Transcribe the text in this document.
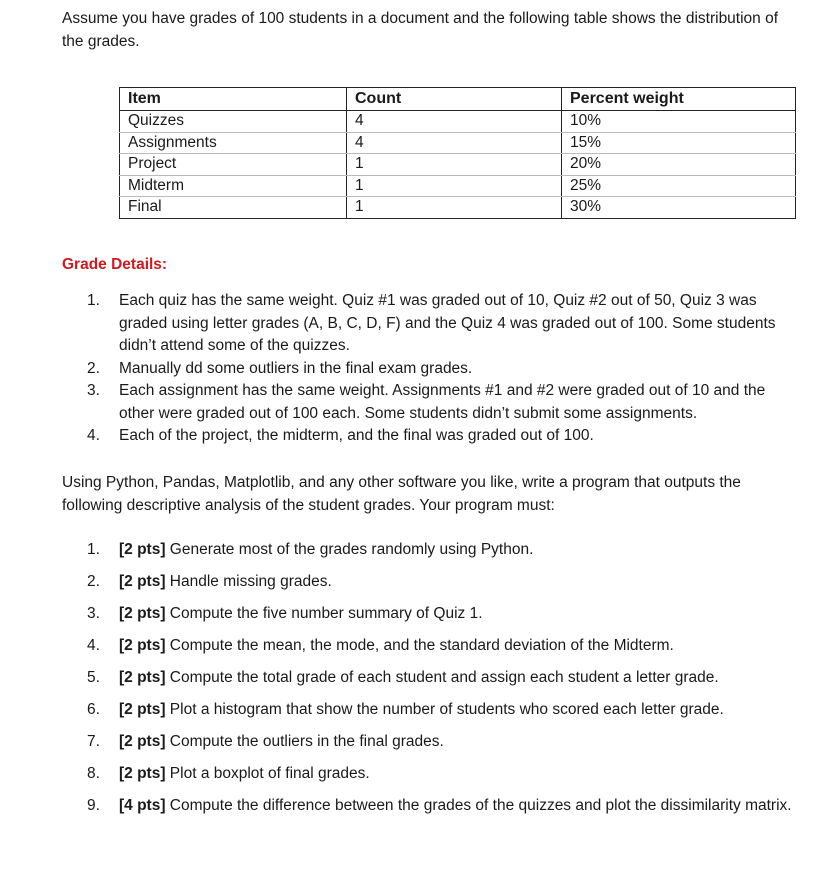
Assume you have grades of 100 students in a document and the following table shows the distribution of the grades.

Item	Count	Percent weight
Quizzes	4	10%
Assignments	4	15%
Project	1	20%
Midterm	1	25%
Final	1	30%

Grade Details:

1. Each quiz has the same weight. Quiz #1 was graded out of 10, Quiz #2 out of 50, Quiz 3 was graded using letter grades (A, B, C, D, F) and the Quiz 4 was graded out of 100. Some students didn’t attend some of the quizzes.
2. Manually dd some outliers in the final exam grades.
3. Each assignment has the same weight. Assignments #1 and #2 were graded out of 10 and the other were graded out of 100 each. Some students didn’t submit some assignments.
4. Each of the project, the midterm, and the final was graded out of 100.

Using Python, Pandas, Matplotlib, and any other software you like, write a program that outputs the following descriptive analysis of the student grades. Your program must:

1. [2 pts] Generate most of the grades randomly using Python.
2. [2 pts] Handle missing grades.
3. [2 pts] Compute the five number summary of Quiz 1.
4. [2 pts] Compute the mean, the mode, and the standard deviation of the Midterm.
5. [2 pts] Compute the total grade of each student and assign each student a letter grade.
6. [2 pts] Plot a histogram that show the number of students who scored each letter grade.
7. [2 pts] Compute the outliers in the final grades.
8. [2 pts] Plot a boxplot of final grades.
9. [4 pts] Compute the difference between the grades of the quizzes and plot the dissimilarity matrix.
